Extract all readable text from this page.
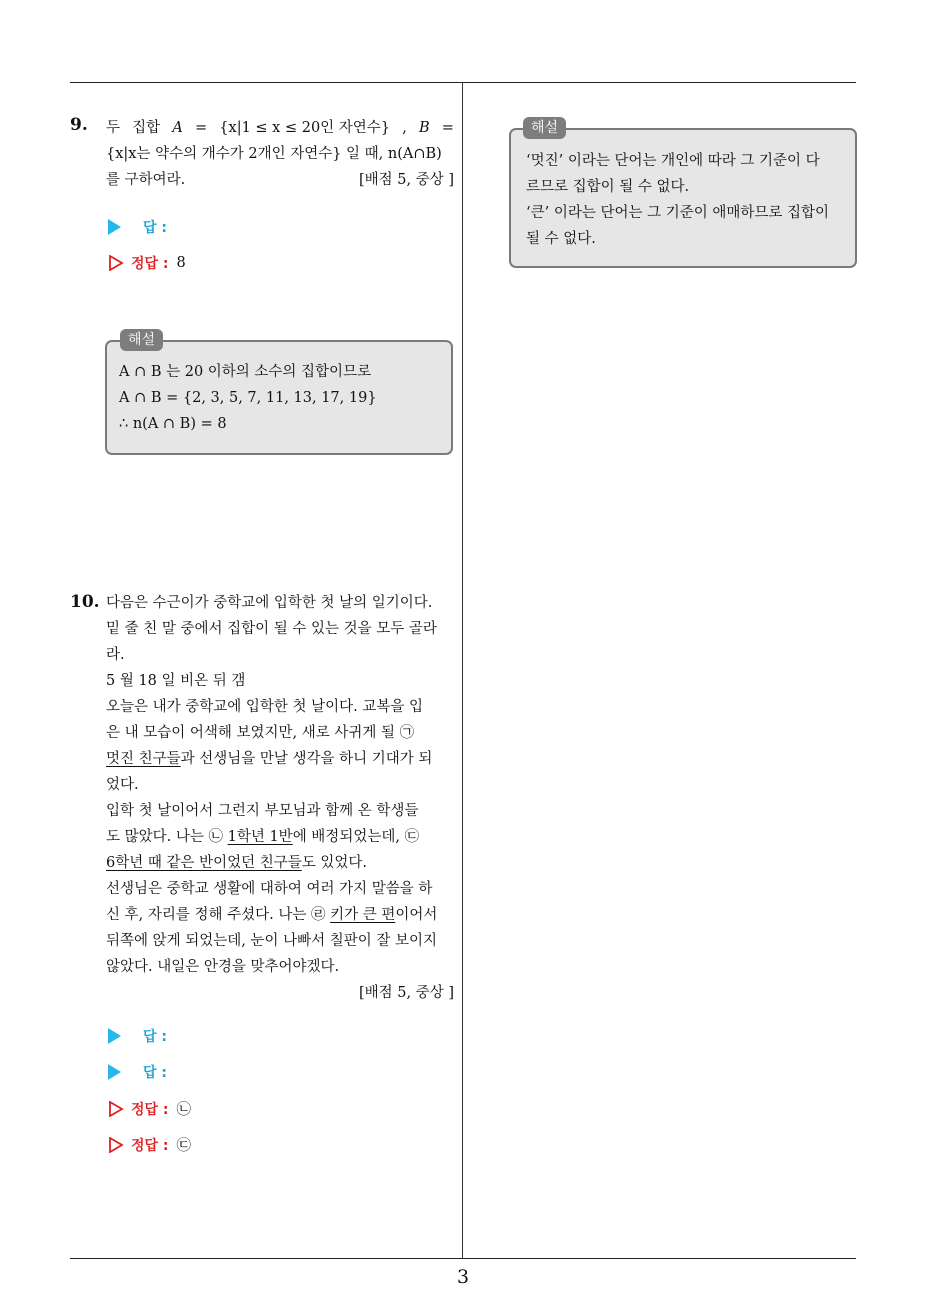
3
9. 두 집합 A = {x|1 ≤ x ≤ 20인 자연수} , B =
{x|x는 약수의 개수가 2개인 자연수} 일 때, n(A∩B)
를 구하여라.	[배점 5, 중상 ]
답 :
정답 : 8
A ∩ B 는 20 이하의 소수의 집합이므로
A ∩ B = {2, 3, 5, 7, 11, 13, 17, 19}
∴ n(A ∩ B) = 8
해설
10. 다음은 수근이가 중학교에 입학한 첫 날의 일기이다.
밑 줄 친 말 중에서 집합이 될 수 있는 것을 모두 골라
라.
5 월 18 일 비온 뒤 갬
오늘은 내가 중학교에 입학한 첫 날이다. 교복을 입
은 내 모습이 어색해 보였지만, 새로 사귀게 될 ㉠
멋진 친구들과 선생님을 만날 생각을 하니 기대가 되
었다.
입학 첫 날이어서 그런지 부모님과 함께 온 학생들
도 많았다. 나는 ㉡ 1학년 1반에 배정되었는데, ㉢
6학년 때 같은 반이었던 친구들도 있었다.
선생님은 중학교 생활에 대하여 여러 가지 말씀을 하
신 후, 자리를 정해 주셨다. 나는 ㉣ 키가 큰 편이어서
뒤쪽에 앉게 되었는데, 눈이 나빠서 칠판이 잘 보이지
않았다. 내일은 안경을 맞추어야겠다.
[배점 5, 중상 ]
답 :
답 :
정답 : ㉡
정답 : ㉢
‘멋진’ 이라는 단어는 개인에 따라 그 기준이 다
르므로 집합이 될 수 없다.
‘큰’ 이라는 단어는 그 기준이 애매하므로 집합이
될 수 없다.
해설
